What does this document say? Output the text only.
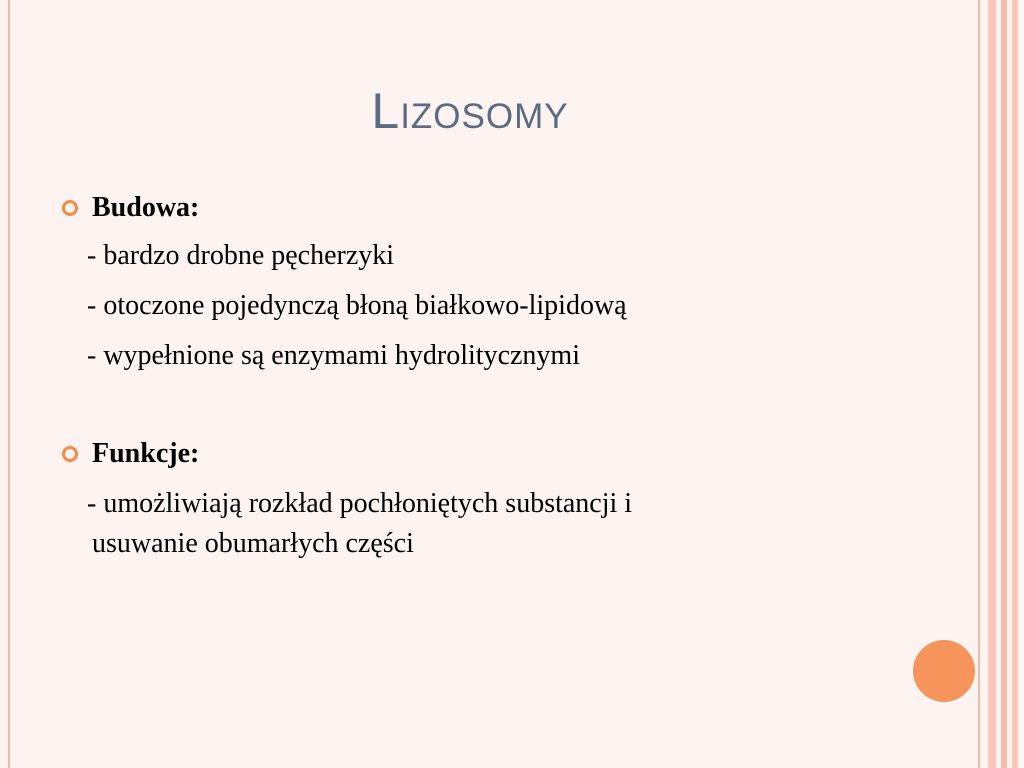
Lizosomy
Budowa:
- bardzo drobne pęcherzyki
- otoczone pojedynczą błoną białkowo-lipidową
- wypełnione są enzymami hydrolitycznymi
Funkcje:
- umożliwiają rozkład pochłoniętych substancji i
usuwanie obumarłych części
